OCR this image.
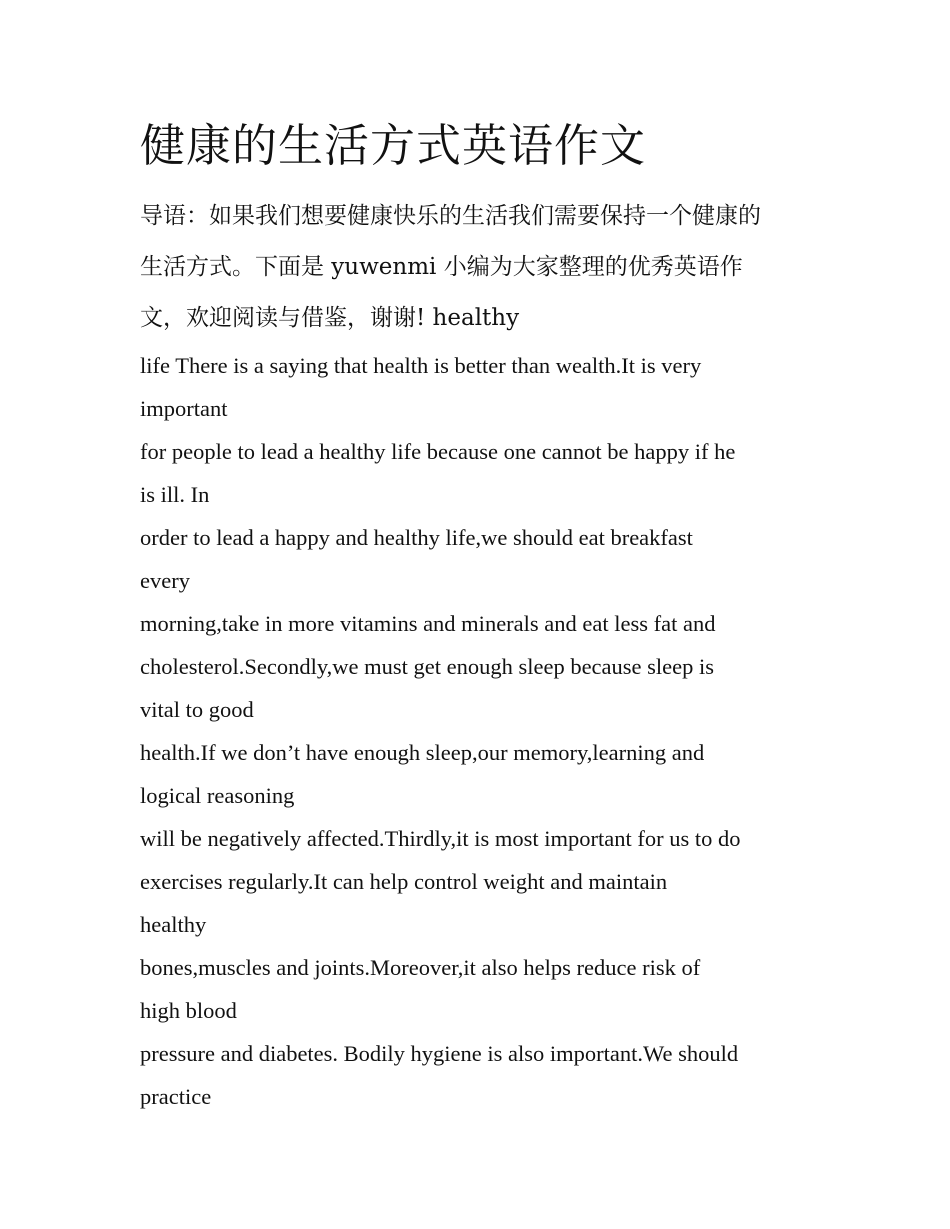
健康的生活方式英语作文
导语：如果我们想要健康快乐的生活我们需要保持一个健康的
生活方式。下面是 yuwenmi 小编为大家整理的优秀英语作
文，欢迎阅读与借鉴，谢谢! healthy
life There is a saying that health is better than wealth.It is very
important
for people to lead a healthy life because one cannot be happy if he
is ill. In
order to lead a happy and healthy life,we should eat breakfast
every
morning,take in more vitamins and minerals and eat less fat and
cholesterol.Secondly,we must get enough sleep because sleep is
vital to good
health.If we don’t have enough sleep,our memory,learning and
logical reasoning
will be negatively affected.Thirdly,it is most important for us to do
exercises regularly.It can help control weight and maintain
healthy
bones,muscles and joints.Moreover,it also helps reduce risk of
high blood
pressure and diabetes. Bodily hygiene is also important.We should
practice
